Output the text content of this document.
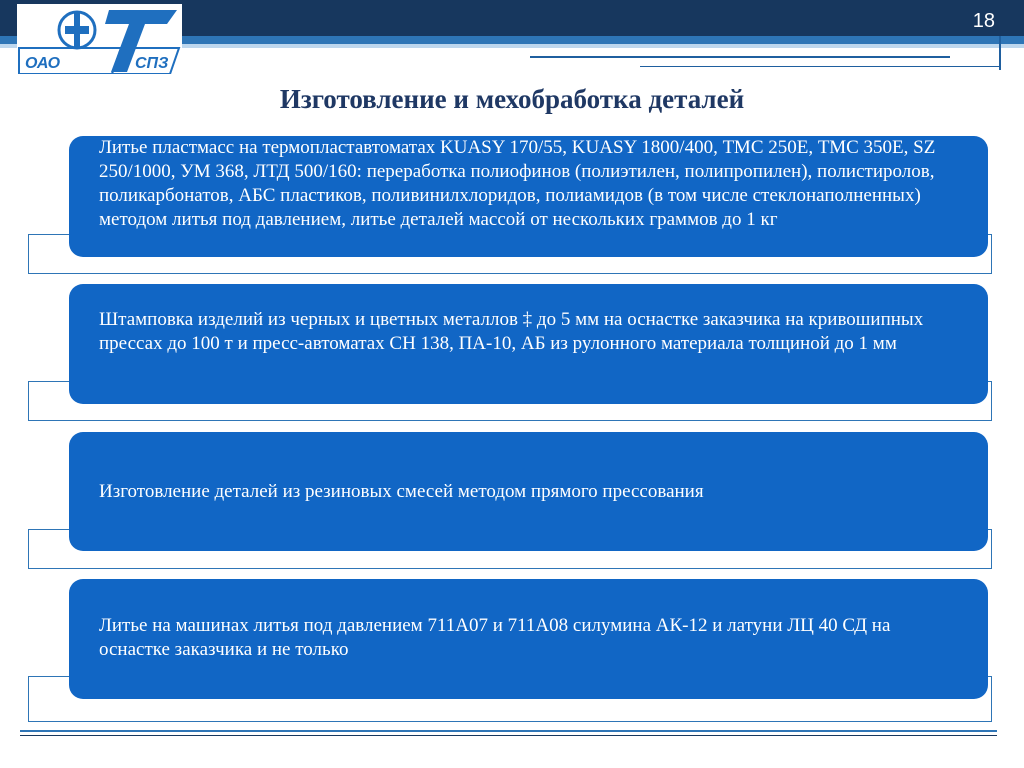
ОАО	СПЗ
18
Изготовление и мехобработка деталей
Литье пластмасс на термопластавтоматах KUASY 170/55, KUASY 1800/400, ТМС 250Е, ТМС 350Е, SZ 250/1000, УМ 368, ЛТД 500/160: переработка полиофинов (полиэтилен, полипропилен), полистиролов, поликарбонатов, АБС пластиков, поливинилхлоридов, полиамидов (в том числе стеклонаполненных) методом литья под давлением, литье деталей массой от нескольких граммов до 1 кг
Штамповка изделий из черных и цветных металлов ‡ до 5 мм на оснастке заказчика на кривошипных прессах до 100 т и пресс-автоматах СН 138, ПА-10, АБ из рулонного материала толщиной до 1 мм
Изготовление деталей из резиновых смесей методом прямого прессования
Литье на машинах литья под давлением 711А07 и 711А08 силумина АК-12 и латуни ЛЦ 40 СД на оснастке заказчика и не только
